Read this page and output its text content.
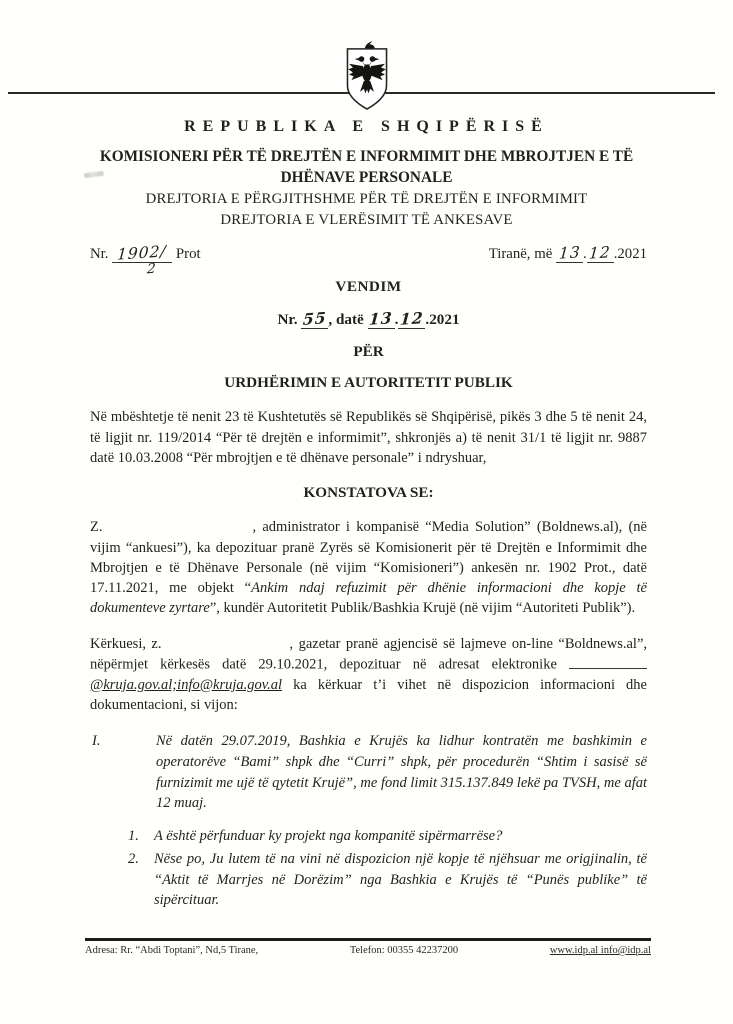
REPUBLIKA E SHQIPËRISË
KOMISIONERI PËR TË DREJTËN E INFORMIMIT DHE MBROJTJEN E TË DHËNAVE PERSONALE
DREJTORIA E PËRGJITHSHME PËR TË DREJTËN E INFORMIMIT
DREJTORIA E VLERËSIMIT TË ANKESAVE
Nr. 1902/
2
Prot	Tiranë, më 13 . 12 .2021
VENDIM
Nr. 55, datë 13.12.2021
PËR
URDHËRIMIN E AUTORITETIT PUBLIK

Në mbështetje të nenit 23 të Kushtetutës së Republikës së Shqipërisë, pikës 3 dhe 5 të nenit 24, të ligjit nr. 119/2014 “Për të drejtën e informimit”, shkronjës a) të nenit 31/1 të ligjit nr. 9887 datë 10.03.2008 “Për mbrojtjen e të dhënave personale” i ndryshuar,

KONSTATOVA SE:

Z.	, administrator i kompanisë “Media Solution” (Boldnews.al), (në vijim “ankuesi”), ka depozituar pranë Zyrës së Komisionerit për të Drejtën e Informimit dhe Mbrojtjen e të Dhënave Personale (në vijim “Komisioneri”) ankesën nr. 1902 Prot., datë 17.11.2021, me objekt “Ankim ndaj refuzimit për dhënie informacioni dhe kopje të dokumenteve zyrtare”, kundër Autoritetit Publik/Bashkia Krujë (në vijim “Autoriteti Publik”).

Kërkuesi, z.	, gazetar pranë agjencisë së lajmeve on-line “Boldnews.al”, nëpërmjet kërkesës datë 29.10.2021, depozituar në adresat elektronike @kruja.gov.al;info@kruja.gov.al ka kërkuar t’i vihet në dispozicion informacioni dhe dokumentacioni, si vijon:

I.	Në datën 29.07.2019, Bashkia e Krujës ka lidhur kontratën me bashkimin e operatorëve “Bami” shpk dhe “Curri” shpk, për procedurën “Shtim i sasisë së furnizimit me ujë të qytetit Krujë”, me fond limit 315.137.849 lekë pa TVSH, me afat 12 muaj.
1.	A është përfunduar ky projekt nga kompanitë sipërmarrëse?
2.	Nëse po, Ju lutem të na vini në dispozicion një kopje të njëhsuar me origjinalin, të “Aktit të Marrjes në Dorëzim” nga Bashkia e Krujës të “Punës publike” të sipërcituar.
Adresa: Rr. “Abdi Toptani”, Nd,5 Tirane,	Telefon: 00355 42237200	www.idp.al info@idp.al
